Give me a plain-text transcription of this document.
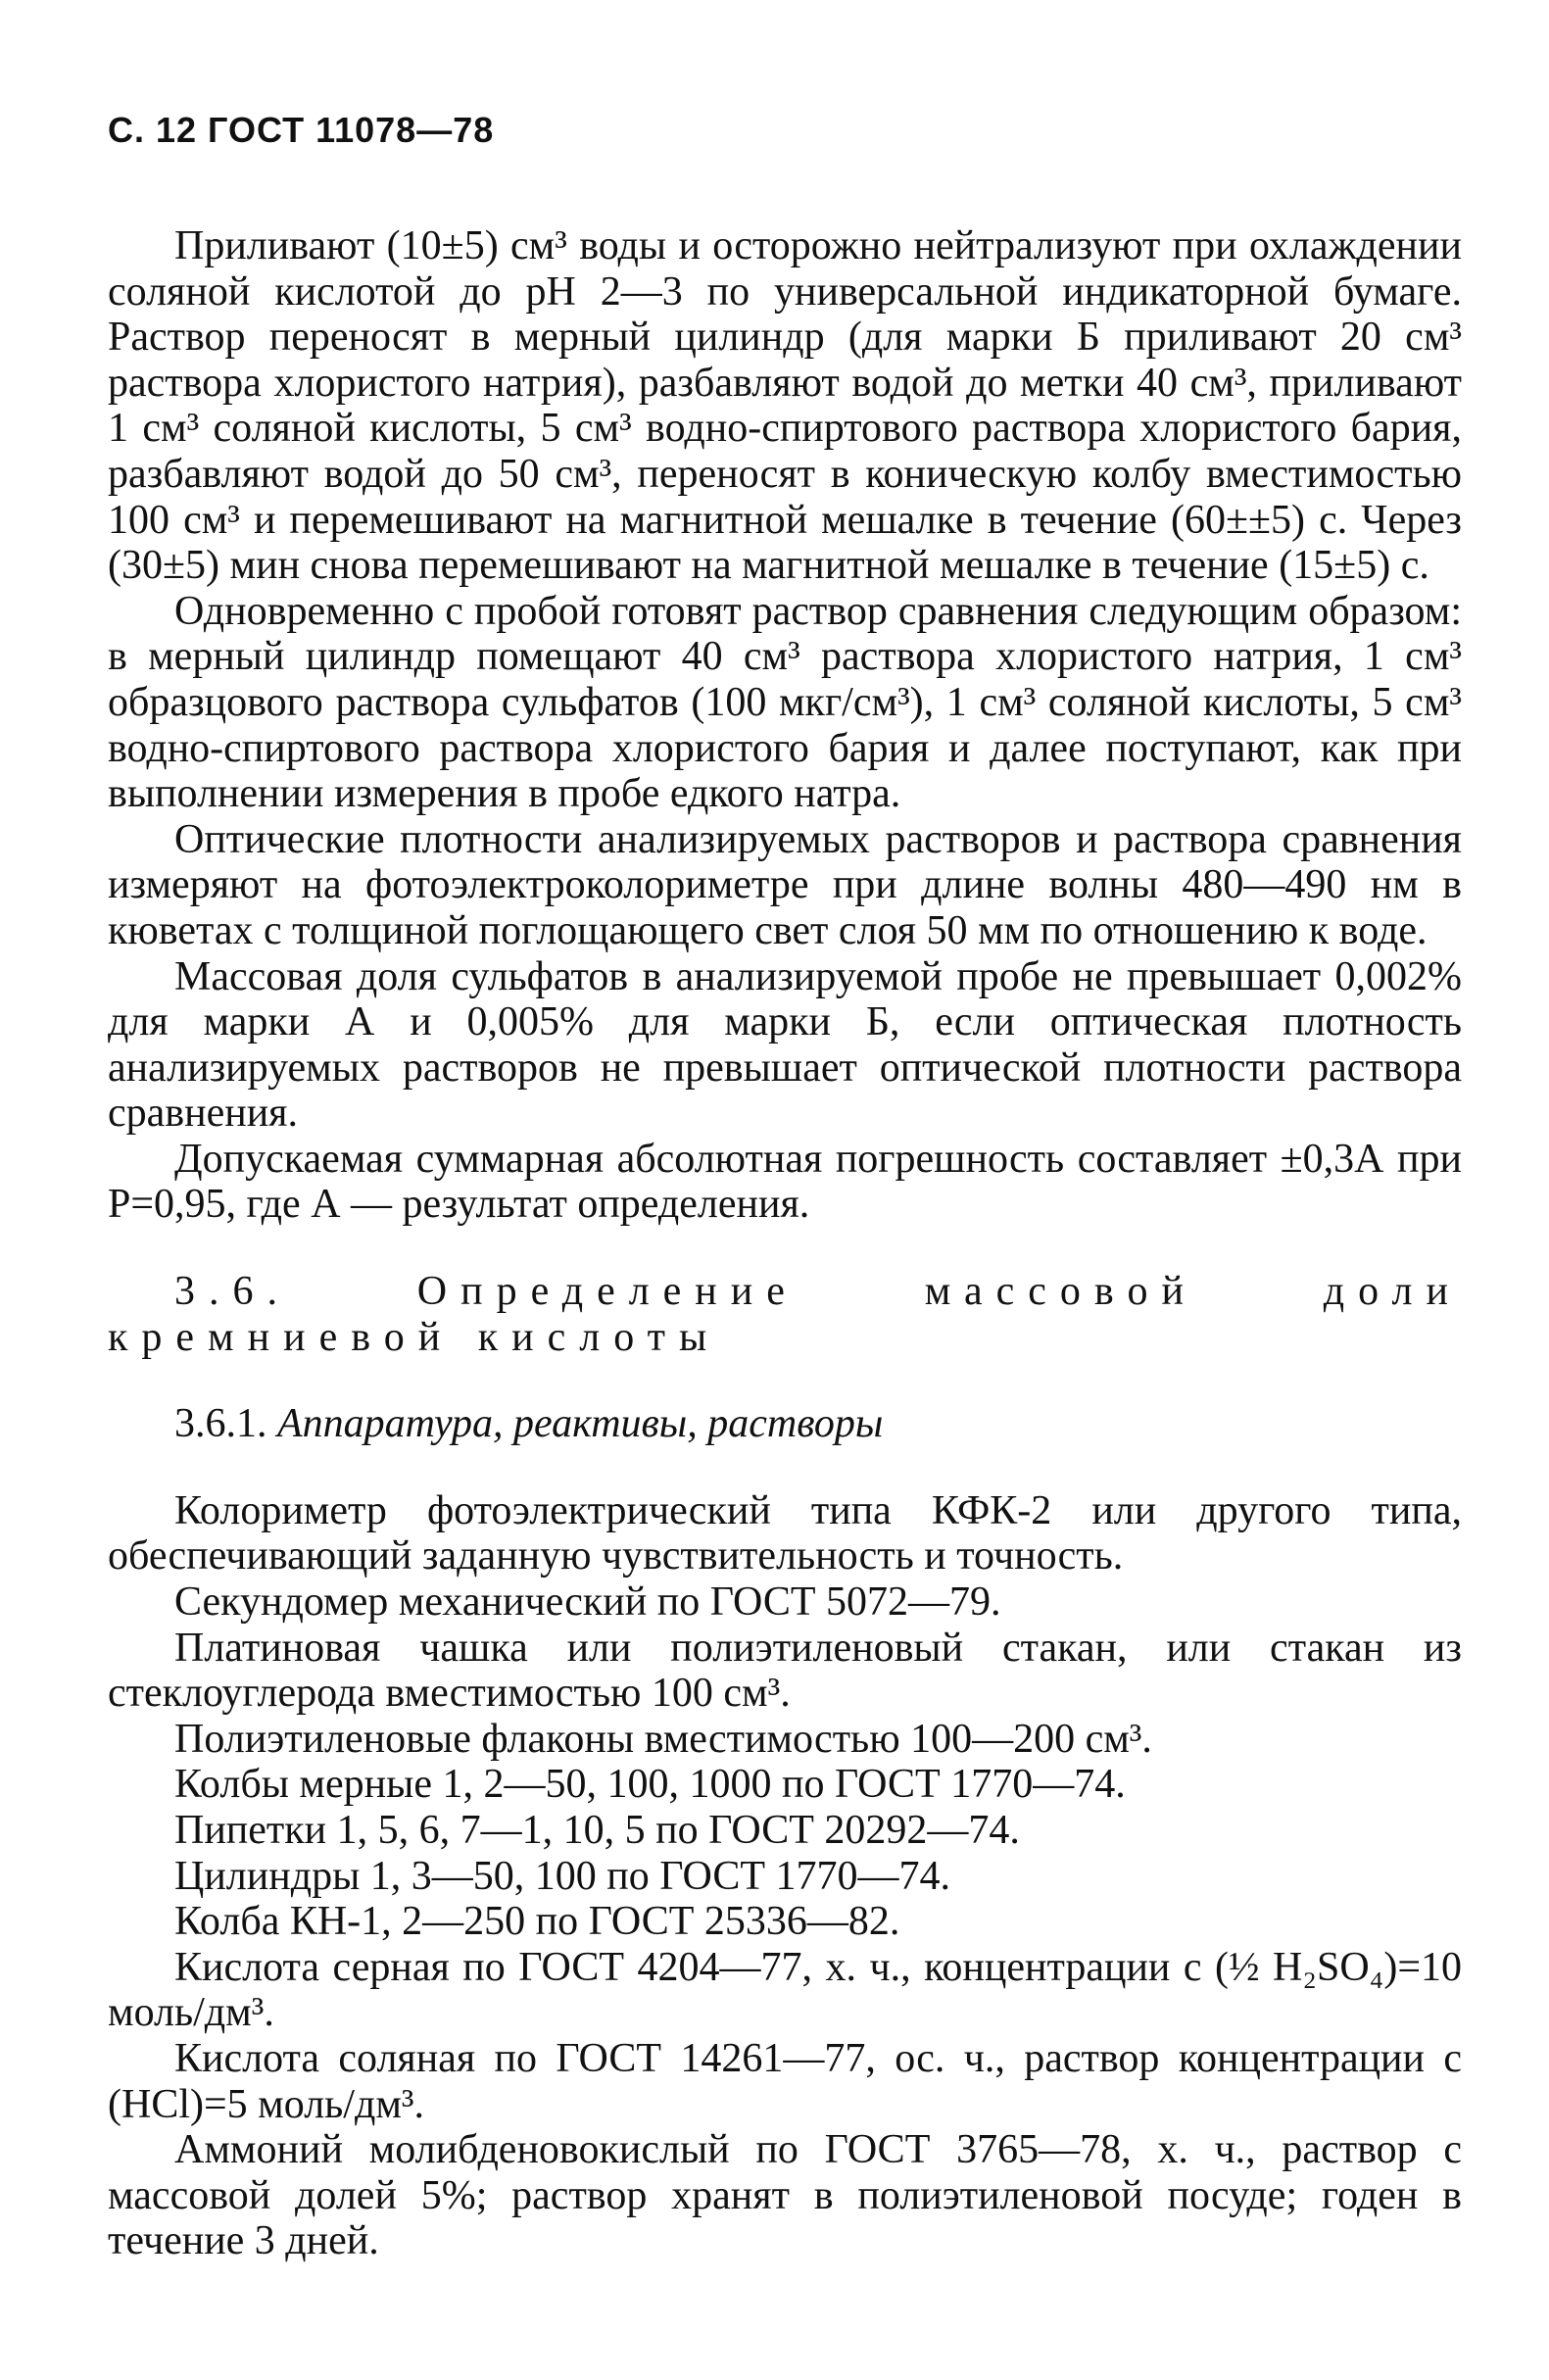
С. 12 ГОСТ 11078—78

Приливают (10±5) см³ воды и осторожно нейтрализуют при охлаждении соляной кислотой до pH 2—3 по универсальной индикаторной бумаге. Раствор переносят в мерный цилиндр (для марки Б приливают 20 см³ раствора хлористого натрия), разбавляют водой до метки 40 см³, приливают 1 см³ соляной кислоты, 5 см³ водно-спиртового раствора хлористого бария, разбавляют водой до 50 см³, переносят в коническую колбу вместимостью 100 см³ и перемешивают на магнитной мешалке в течение (60±±5) с. Через (30±5) мин снова перемешивают на магнитной мешалке в течение (15±5) с.

Одновременно с пробой готовят раствор сравнения следующим образом: в мерный цилиндр помещают 40 см³ раствора хлористого натрия, 1 см³ образцового раствора сульфатов (100 мкг/см³), 1 см³ соляной кислоты, 5 см³ водно-спиртового раствора хлористого бария и далее поступают, как при выполнении измерения в пробе едкого натра.

Оптические плотности анализируемых растворов и раствора сравнения измеряют на фотоэлектроколориметре при длине волны 480—490 нм в кюветах с толщиной поглощающего свет слоя 50 мм по отношению к воде.

Массовая доля сульфатов в анализируемой пробе не превышает 0,002% для марки А и 0,005% для марки Б, если оптическая плотность анализируемых растворов не превышает оптической плотности раствора сравнения.

Допускаемая суммарная абсолютная погрешность составляет ±0,3А при Р=0,95, где А — результат определения.

3.6. Определение массовой доли кремниевой кислоты

3.6.1. Аппаратура, реактивы, растворы

Колориметр фотоэлектрический типа КФК-2 или другого типа, обеспечивающий заданную чувствительность и точность.

Секундомер механический по ГОСТ 5072—79.

Платиновая чашка или полиэтиленовый стакан, или стакан из стеклоуглерода вместимостью 100 см³.

Полиэтиленовые флаконы вместимостью 100—200 см³.

Колбы мерные 1, 2—50, 100, 1000 по ГОСТ 1770—74.

Пипетки 1, 5, 6, 7—1, 10, 5 по ГОСТ 20292—74.

Цилиндры 1, 3—50, 100 по ГОСТ 1770—74.

Колба КН-1, 2—250 по ГОСТ 25336—82.

Кислота серная по ГОСТ 4204—77, х. ч., концентрации с (½ H₂SO₄)=10 моль/дм³.

Кислота соляная по ГОСТ 14261—77, ос. ч., раствор концентрации с (HCl)=5 моль/дм³.

Аммоний молибденовокислый по ГОСТ 3765—78, х. ч., раствор с массовой долей 5%; раствор хранят в полиэтиленовой посуде; годен в течение 3 дней.
